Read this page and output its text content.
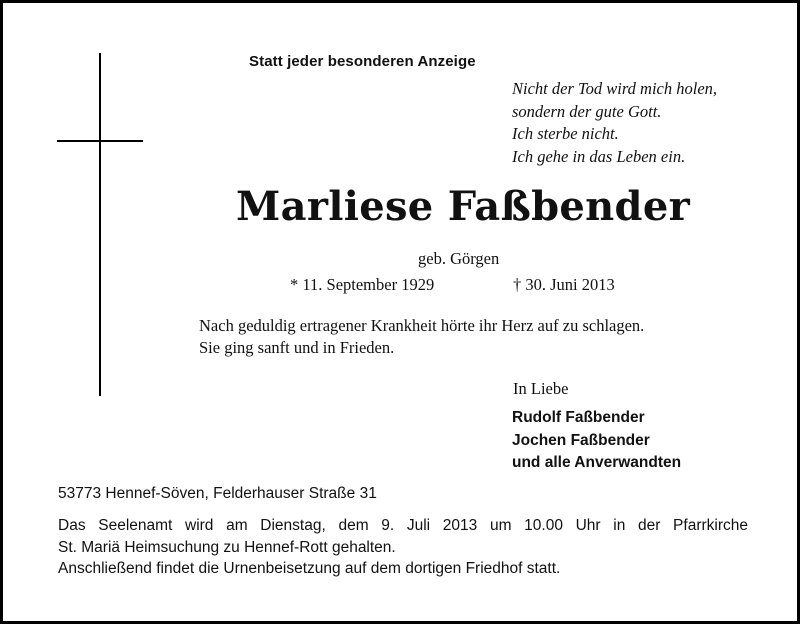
Statt jeder besonderen Anzeige
Nicht der Tod wird mich holen,
sondern der gute Gott.
Ich sterbe nicht.
Ich gehe in das Leben ein.
Marliese Faßbender
geb. Görgen
* 11. September 1929	† 30. Juni 2013
Nach geduldig ertragener Krankheit hörte ihr Herz auf zu schlagen.
Sie ging sanft und in Frieden.
In Liebe
Rudolf Faßbender
Jochen Faßbender
und alle Anverwandten
53773 Hennef-Söven, Felderhauser Straße 31
Das Seelenamt wird am Dienstag, dem 9. Juli 2013 um 10.00 Uhr in der Pfarrkirche
St. Mariä Heimsuchung zu Hennef-Rott gehalten.
Anschließend findet die Urnenbeisetzung auf dem dortigen Friedhof statt.
